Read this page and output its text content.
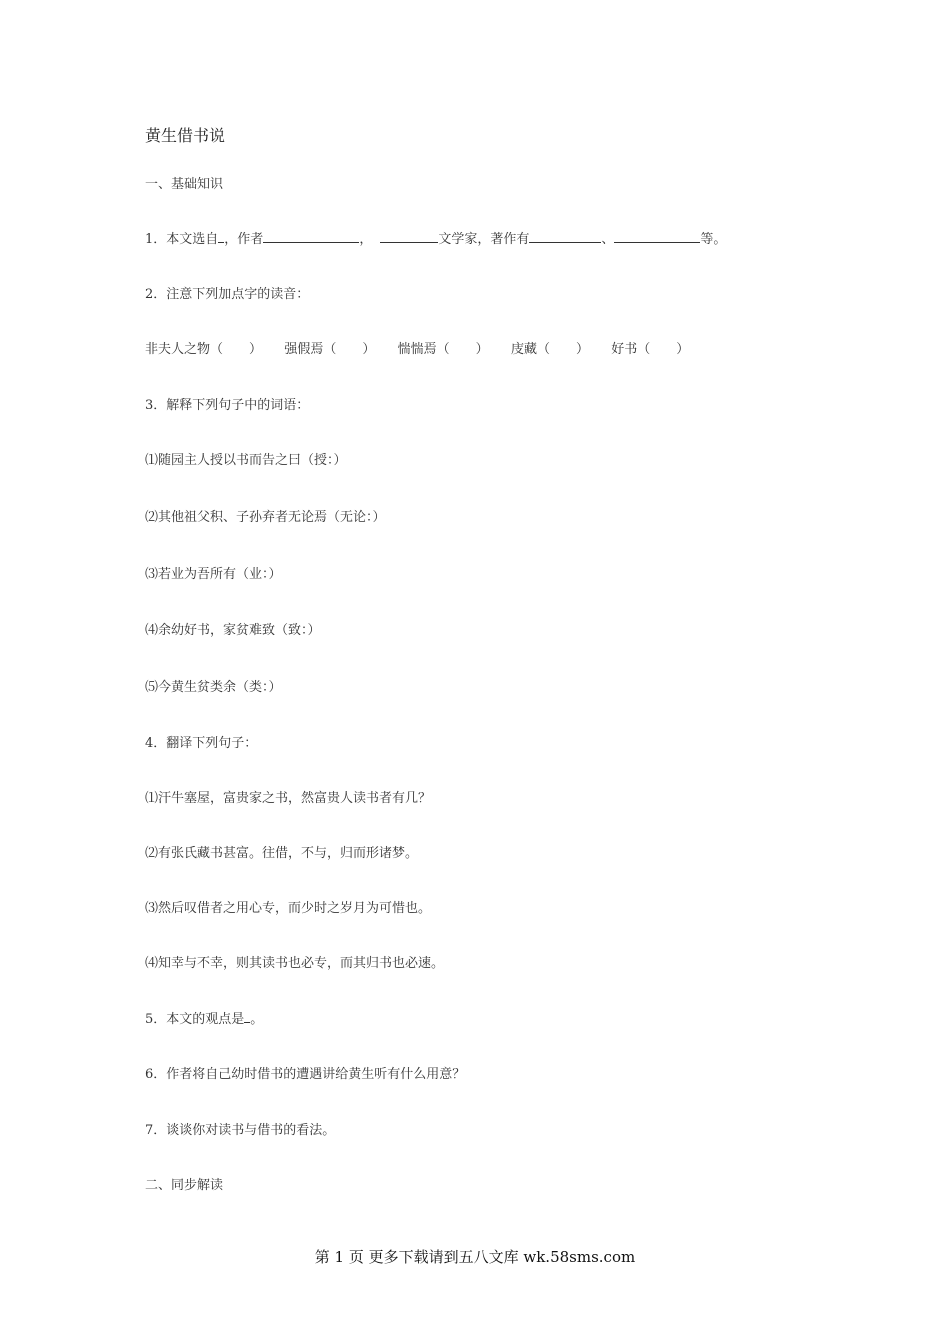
黄生借书说
一、基础知识
1．本文选自 ，作者	，	文学家，著作有	、	等。
2．注意下列加点字的读音：
非夫人之物（　　） 强假焉（　　） 惴惴焉（　　） 庋藏（　　） 好书（　　）
3．解释下列句子中的词语：
⑴随园主人授以书而告之曰（授：）
⑵其他祖父积、子孙弃者无论焉（无论：）
⑶若业为吾所有（业：）
⑷余幼好书，家贫难致（致：）
⑸今黄生贫类余（类：）
4．翻译下列句子：
⑴汗牛塞屋，富贵家之书，然富贵人读书者有几？
⑵有张氏藏书甚富。往借，不与，归而形诸梦。
⑶然后叹借者之用心专，而少时之岁月为可惜也。
⑷知幸与不幸，则其读书也必专，而其归书也必速。
5．本文的观点是 。
6．作者将自己幼时借书的遭遇讲给黄生听有什么用意？
7．谈谈你对读书与借书的看法。
二、同步解读
第 1 页 更多下载请到五八文库 wk.58sms.com
